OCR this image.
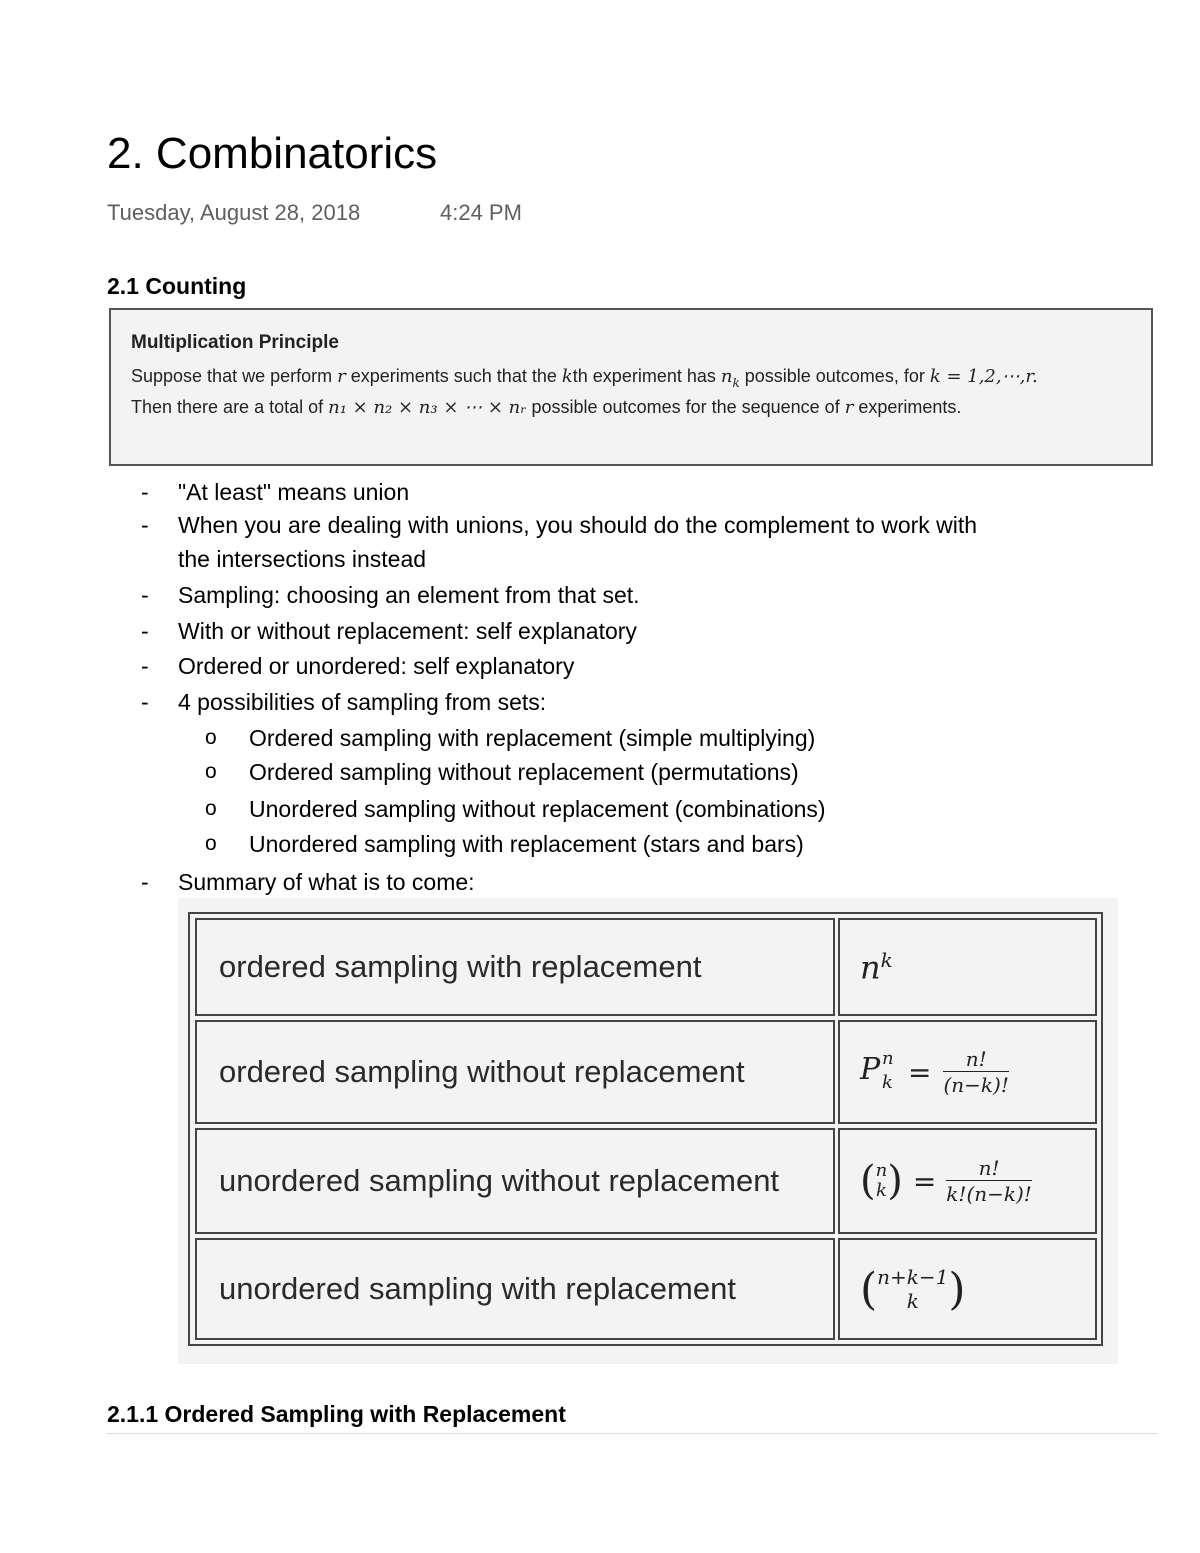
2. Combinatorics
Tuesday, August 28, 2018	4:24 PM
2.1 Counting
Multiplication Principle
Suppose that we perform r experiments such that the kth experiment has $n_k$ possible outcomes, for k = 1,2,⋯,r.
Then there are a total of n₁ × n₂ × n₃ × ⋯ × nᵣ possible outcomes for the sequence of r experiments.
- "At least" means union
- When you are dealing with unions, you should do the complement to work with
the intersections instead
- Sampling: choosing an element from that set.
- With or without replacement: self explanatory
- Ordered or unordered: self explanatory
- 4 possibilities of sampling from sets:
o Ordered sampling with replacement (simple multiplying)
o Ordered sampling without replacement (permutations)
o Unordered sampling without replacement (combinations)
o Unordered sampling with replacement (stars and bars)
- Summary of what is to come:
ordered sampling with replacement	$n^k$
ordered sampling without replacement	P n
$k = \frac{n!}{(n-k)!}$
unordered sampling without replacement ( n
k ) = $\frac{n!}{k!(n-k)!}$
unordered sampling with replacement	( n+k−1
k )
2.1.1 Ordered Sampling with Replacement
